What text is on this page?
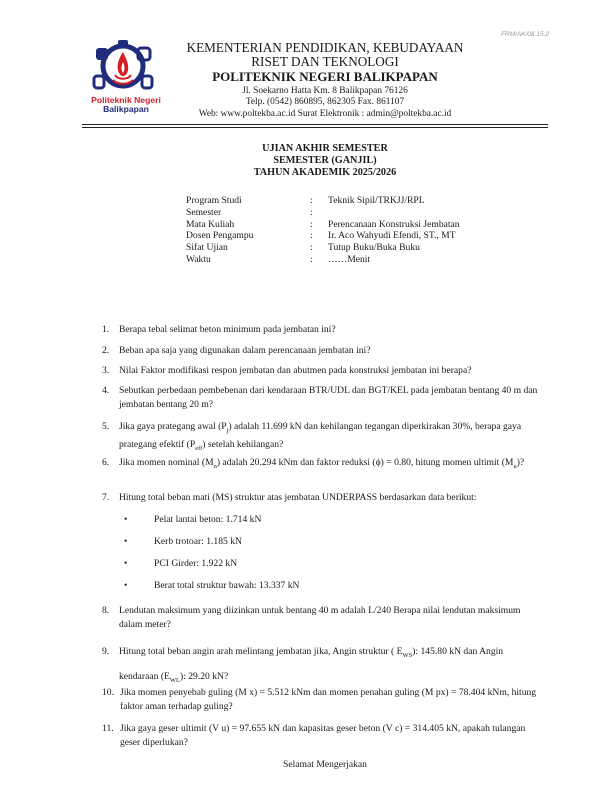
FRM/AK/08.15.2
Politeknik Negeri
Balikpapan
KEMENTERIAN PENDIDIKAN, KEBUDAYAAN
RISET DAN TEKNOLOGI
POLITEKNIK NEGERI BALIKPAPAN
Jl. Soekarno Hatta Km. 8 Balikpapan 76126
Telp. (0542) 860895, 862305 Fax. 861107
Web: www.poltekba.ac.id Surat Elektronik : admin@poltekba.ac.id
UJIAN AKHIR SEMESTER
SEMESTER (GANJIL)
TAHUN AKADEMIK 2025/2026
Program Studi	: Teknik Sipil/TRKJJ/RPL
Semester	:
Mata Kuliah	: Perencanaan Konstruksi Jembatan
Dosen Pengampu	: Ir. Aco Wahyudi Efendi, ST., MT
Sifat Ujian	: Tutup Buku/Buka Buku
Waktu	: ……Menit
1. Berapa tebal selimat beton minimum pada jembatan ini?
2. Beban apa saja yang digunakan dalam perencanaan jembatan ini?
3. Nilai Faktor modifikasi respon jembatan dan abutmen pada konstruksi jembatan ini berapa?
4. Sebutkan perbedaan pembebenan dari kendaraan BTR/UDL dan BGT/KEL pada jembatan bentang 40 m dan jembatan bentang 20 m?
5. Jika gaya prategang awal $(P_j)$ adalah 11.699 kN dan kehilangan tegangan diperkirakan 30%, berapa gaya prategang efektif $(P_{eff})$ setelah kehilangan?
6. Jika momen nominal $(M_n)$ adalah 20.294 kNm dan faktor reduksi (ϕ) = 0.80, hitung momen ultimit $(M_u)$?
7. Hitung total beban mati (MS) struktur atas jembatan UNDERPASS berdasarkan data berikut:
•	Pelat lantai beton: 1.714 kN
•	Kerb trotoar: 1.185 kN
•	PCI Girder: 1.922 kN
•	Berat total struktur bawah: 13.337 kN
8. Lendutan maksimum yang diizinkan untuk bentang 40 m adalah L/240 Berapa nilai lendutan maksimum dalam meter?
9. Hitung total beban angin arah melintang jembatan jika, Angin struktur ( $E_{WS}$): 145.80 kN dan Angin kendaraan $(E_{WL})$: 29.20 kN?
10. Jika momen penyebab guling (M x) = 5.512 kNm dan momen penahan guling (M px) = 78.404 kNm, hitung faktor aman terhadap guling?
11. Jika gaya geser ultimit (V u) = 97.655 kN dan kapasitas geser beton (V c) = 314.405 kN, apakah tulangan geser diperlukan?
Selamat Mengerjakan
